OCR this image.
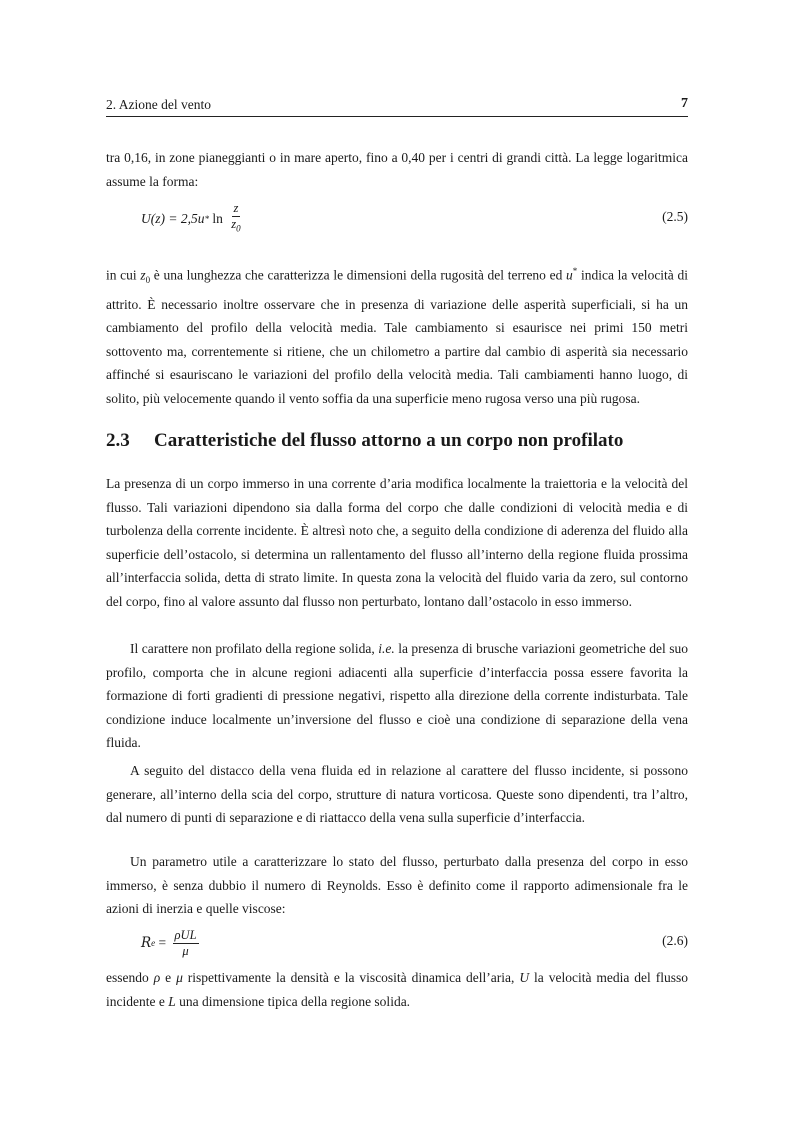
2. Azione del vento	7

tra 0,16, in zone pianeggianti o in mare aperto, fino a 0,40 per i centri di grandi città. La legge logaritmica assume la forma:

$U(z) = 2,5u * \ln \frac{z}{z_0}$	(2.5)

in cui $z_0$ è una lunghezza che caratterizza le dimensioni della rugosità del terreno ed u* indica la velocità di attrito. È necessario inoltre osservare che in presenza di variazione delle asperità superficiali, si ha un cambiamento del profilo della velocità media. Tale cambiamento si esaurisce nei primi 150 metri sottovento ma, correntemente si ritiene, che un chilometro a partire dal cambio di asperità sia necessario affinché si esauriscano le variazioni del profilo della velocità media. Tali cambiamenti hanno luogo, di solito, più velocemente quando il vento soffia da una superficie meno rugosa verso una più rugosa.

2.3 Caratteristiche del flusso attorno a un corpo non profilato

La presenza di un corpo immerso in una corrente d’aria modifica localmente la traiettoria e la velocità del flusso. Tali variazioni dipendono sia dalla forma del corpo che dalle condizioni di velocità media e di turbolenza della corrente incidente. È altresì noto che, a seguito della condizione di aderenza del fluido alla superficie dell’ostacolo, si determina un rallentamento del flusso all’interno della regione fluida prossima all’interfaccia solida, detta di strato limite. In questa zona la velocità del fluido varia da zero, sul contorno del corpo, fino al valore assunto dal flusso non perturbato, lontano dall’ostacolo in esso immerso.

Il carattere non profilato della regione solida, i.e. la presenza di brusche variazioni geometriche del suo profilo, comporta che in alcune regioni adiacenti alla superficie d’interfaccia possa essere favorita la formazione di forti gradienti di pressione negativi, rispetto alla direzione della corrente indisturbata. Tale condizione induce localmente un’inversione del flusso e cioè una condizione di separazione della vena fluida.

A seguito del distacco della vena fluida ed in relazione al carattere del flusso incidente, si possono generare, all’interno della scia del corpo, strutture di natura vorticosa. Queste sono dipendenti, tra l’altro, dal numero di punti di separazione e di riattacco della vena sulla superficie d’interfaccia.

Un parametro utile a caratterizzare lo stato del flusso, perturbato dalla presenza del corpo in esso immerso, è senza dubbio il numero di Reynolds. Esso è definito come il rapporto adimensionale fra le azioni di inerzia e quelle viscose:

R $e = \frac{\text{ρUL}}{\mu}$	(2.6)

essendo ρ e μ rispettivamente la densità e la viscosità dinamica dell’aria, U la velocità media del flusso incidente e L una dimensione tipica della regione solida.
